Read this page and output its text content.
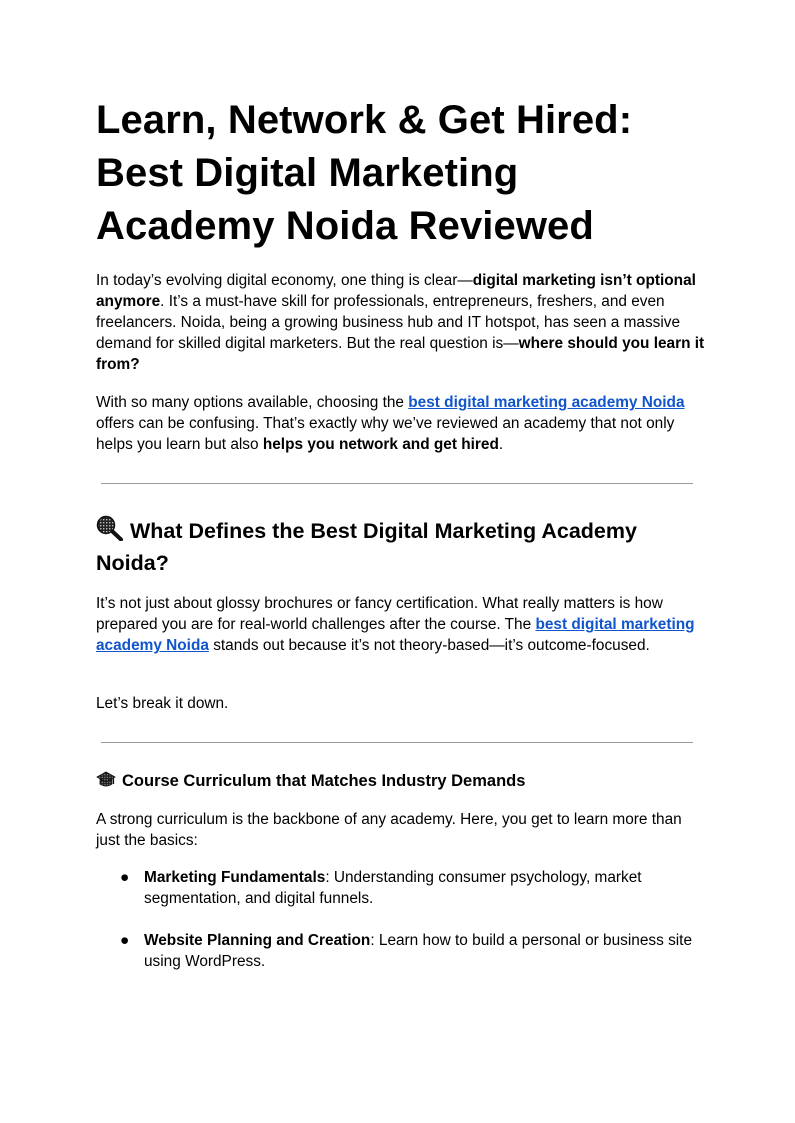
Learn, Network & Get Hired:
Best Digital Marketing
Academy Noida Reviewed

In today’s evolving digital economy, one thing is clear—digital marketing isn’t optional anymore. It’s a must-have skill for professionals, entrepreneurs, freshers, and even freelancers. Noida, being a growing business hub and IT hotspot, has seen a massive demand for skilled digital marketers. But the real question is—where should you learn it from?

With so many options available, choosing the best digital marketing academy Noida offers can be confusing. That’s exactly why we’ve reviewed an academy that not only helps you learn but also helps you network and get hired.

What Defines the Best Digital Marketing Academy Noida?

It’s not just about glossy brochures or fancy certification. What really matters is how prepared you are for real-world challenges after the course. The best digital marketing academy Noida stands out because it’s not theory-based—it’s outcome-focused.

Let’s break it down.

Course Curriculum that Matches Industry Demands

A strong curriculum is the backbone of any academy. Here, you get to learn more than just the basics:

● Marketing Fundamentals: Understanding consumer psychology, market segmentation, and digital funnels.
● Website Planning and Creation: Learn how to build a personal or business site using WordPress.
